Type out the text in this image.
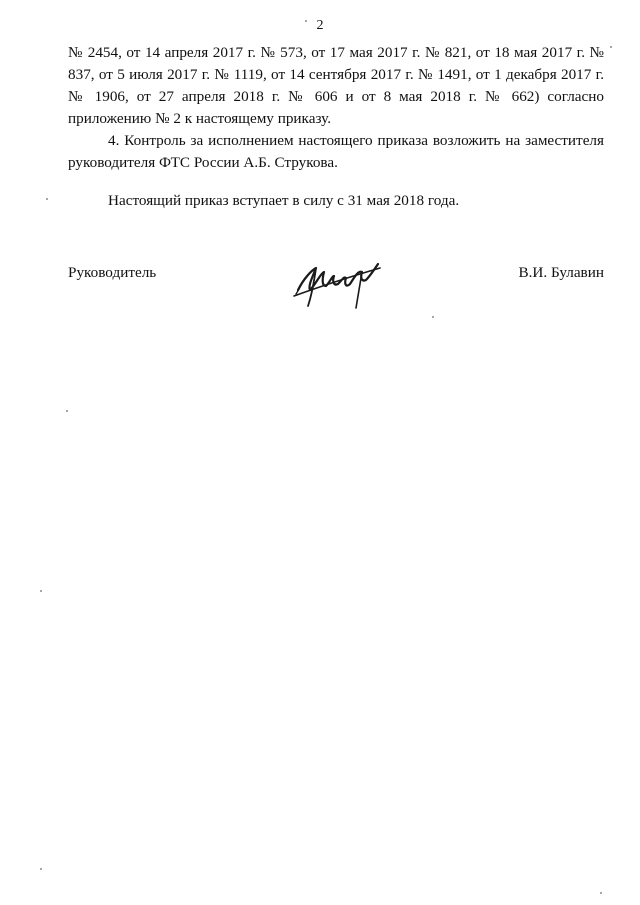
2

№ 2454, от 14 апреля 2017 г. № 573, от 17 мая 2017 г. № 821, от 18 мая 2017 г. № 837, от 5 июля 2017 г. № 1119, от 14 сентября 2017 г. № 1491, от 1 декабря 2017 г. № 1906, от 27 апреля 2018 г. № 606 и от 8 мая 2018 г. № 662) согласно приложению № 2 к настоящему приказу.

4. Контроль за исполнением настоящего приказа возложить на заместителя руководителя ФТС России А.Б. Струкова.

Настоящий приказ вступает в силу с 31 мая 2018 года.

Руководитель	В.И. Булавин
